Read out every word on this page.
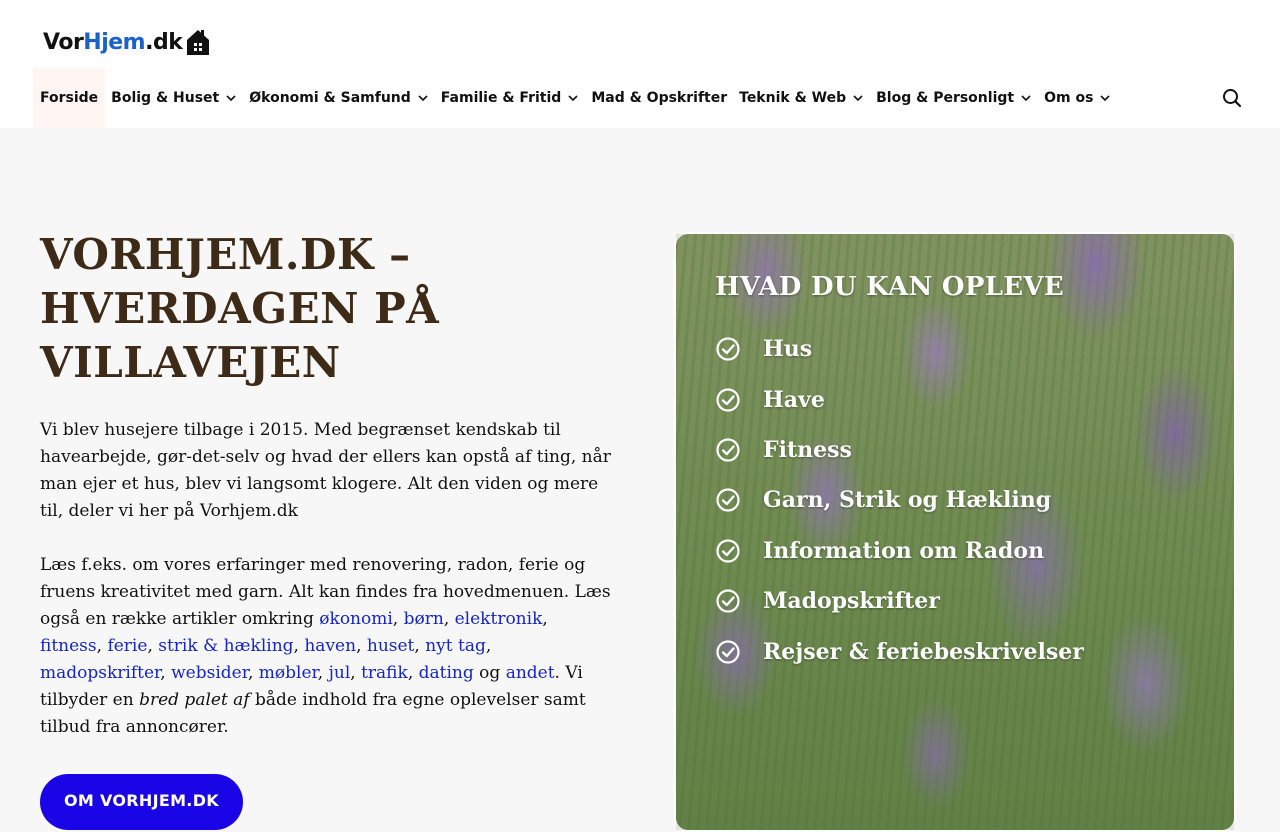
VorHjem.dk
Forside Bolig & Huset Økonomi & Samfund Familie & Fritid Mad & Opskrifter Teknik & Web Blog & Personligt Om os
VORHJEM.DK –
HVERDAGEN PÅ
VILLAVEJEN

Vi blev husejere tilbage i 2015. Med begrænset kendskab til havearbejde, gør-det-selv og hvad der ellers kan opstå af ting, når man ejer et hus, blev vi langsomt klogere. Alt den viden og mere til, deler vi her på Vorhjem.dk

Læs f.eks. om vores erfaringer med renovering, radon, ferie og fruens kreativitet med garn. Alt kan findes fra hovedmenuen. Læs også en række artikler omkring økonomi, børn, elektronik, fitness, ferie, strik & hækling, haven, huset, nyt tag, madopskrifter, websider, møbler, jul, trafik, dating og andet. Vi tilbyder en bred palet af både indhold fra egne oplevelser samt tilbud fra annoncører.

OM VORHJEM.DK
HVAD DU KAN OPLEVE
Hus
Have
Fitness
Garn, Strik og Hækling
Information om Radon
Madopskrifter
Rejser & feriebeskrivelser
